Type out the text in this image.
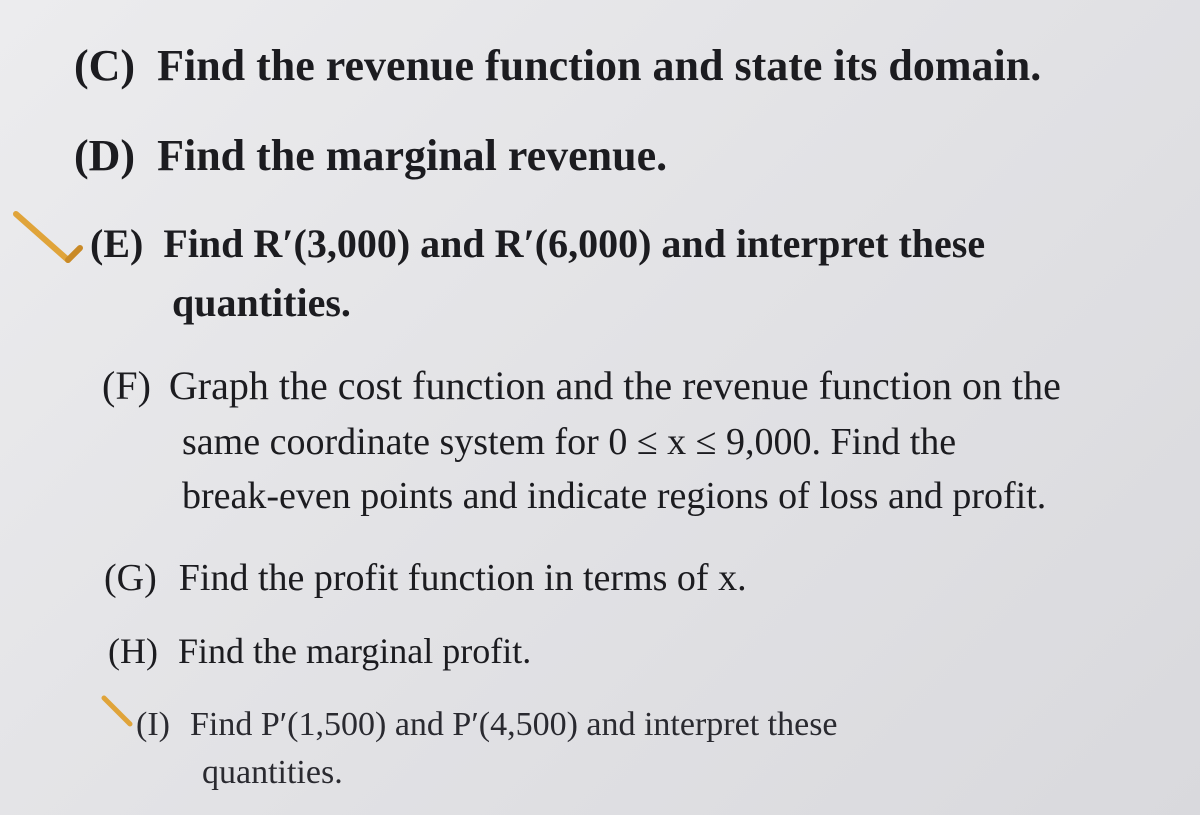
(C) Find the revenue function and state its domain.
(D) Find the marginal revenue.
(E) Find R′(3,000) and R′(6,000) and interpret these
quantities.
(F) Graph the cost function and the revenue function on the
same coordinate system for 0 ≤ x ≤ 9,000. Find the
break-even points and indicate regions of loss and profit.
(G) Find the profit function in terms of x.
(H) Find the marginal profit.
(I) Find P′(1,500) and P′(4,500) and interpret these
quantities.
